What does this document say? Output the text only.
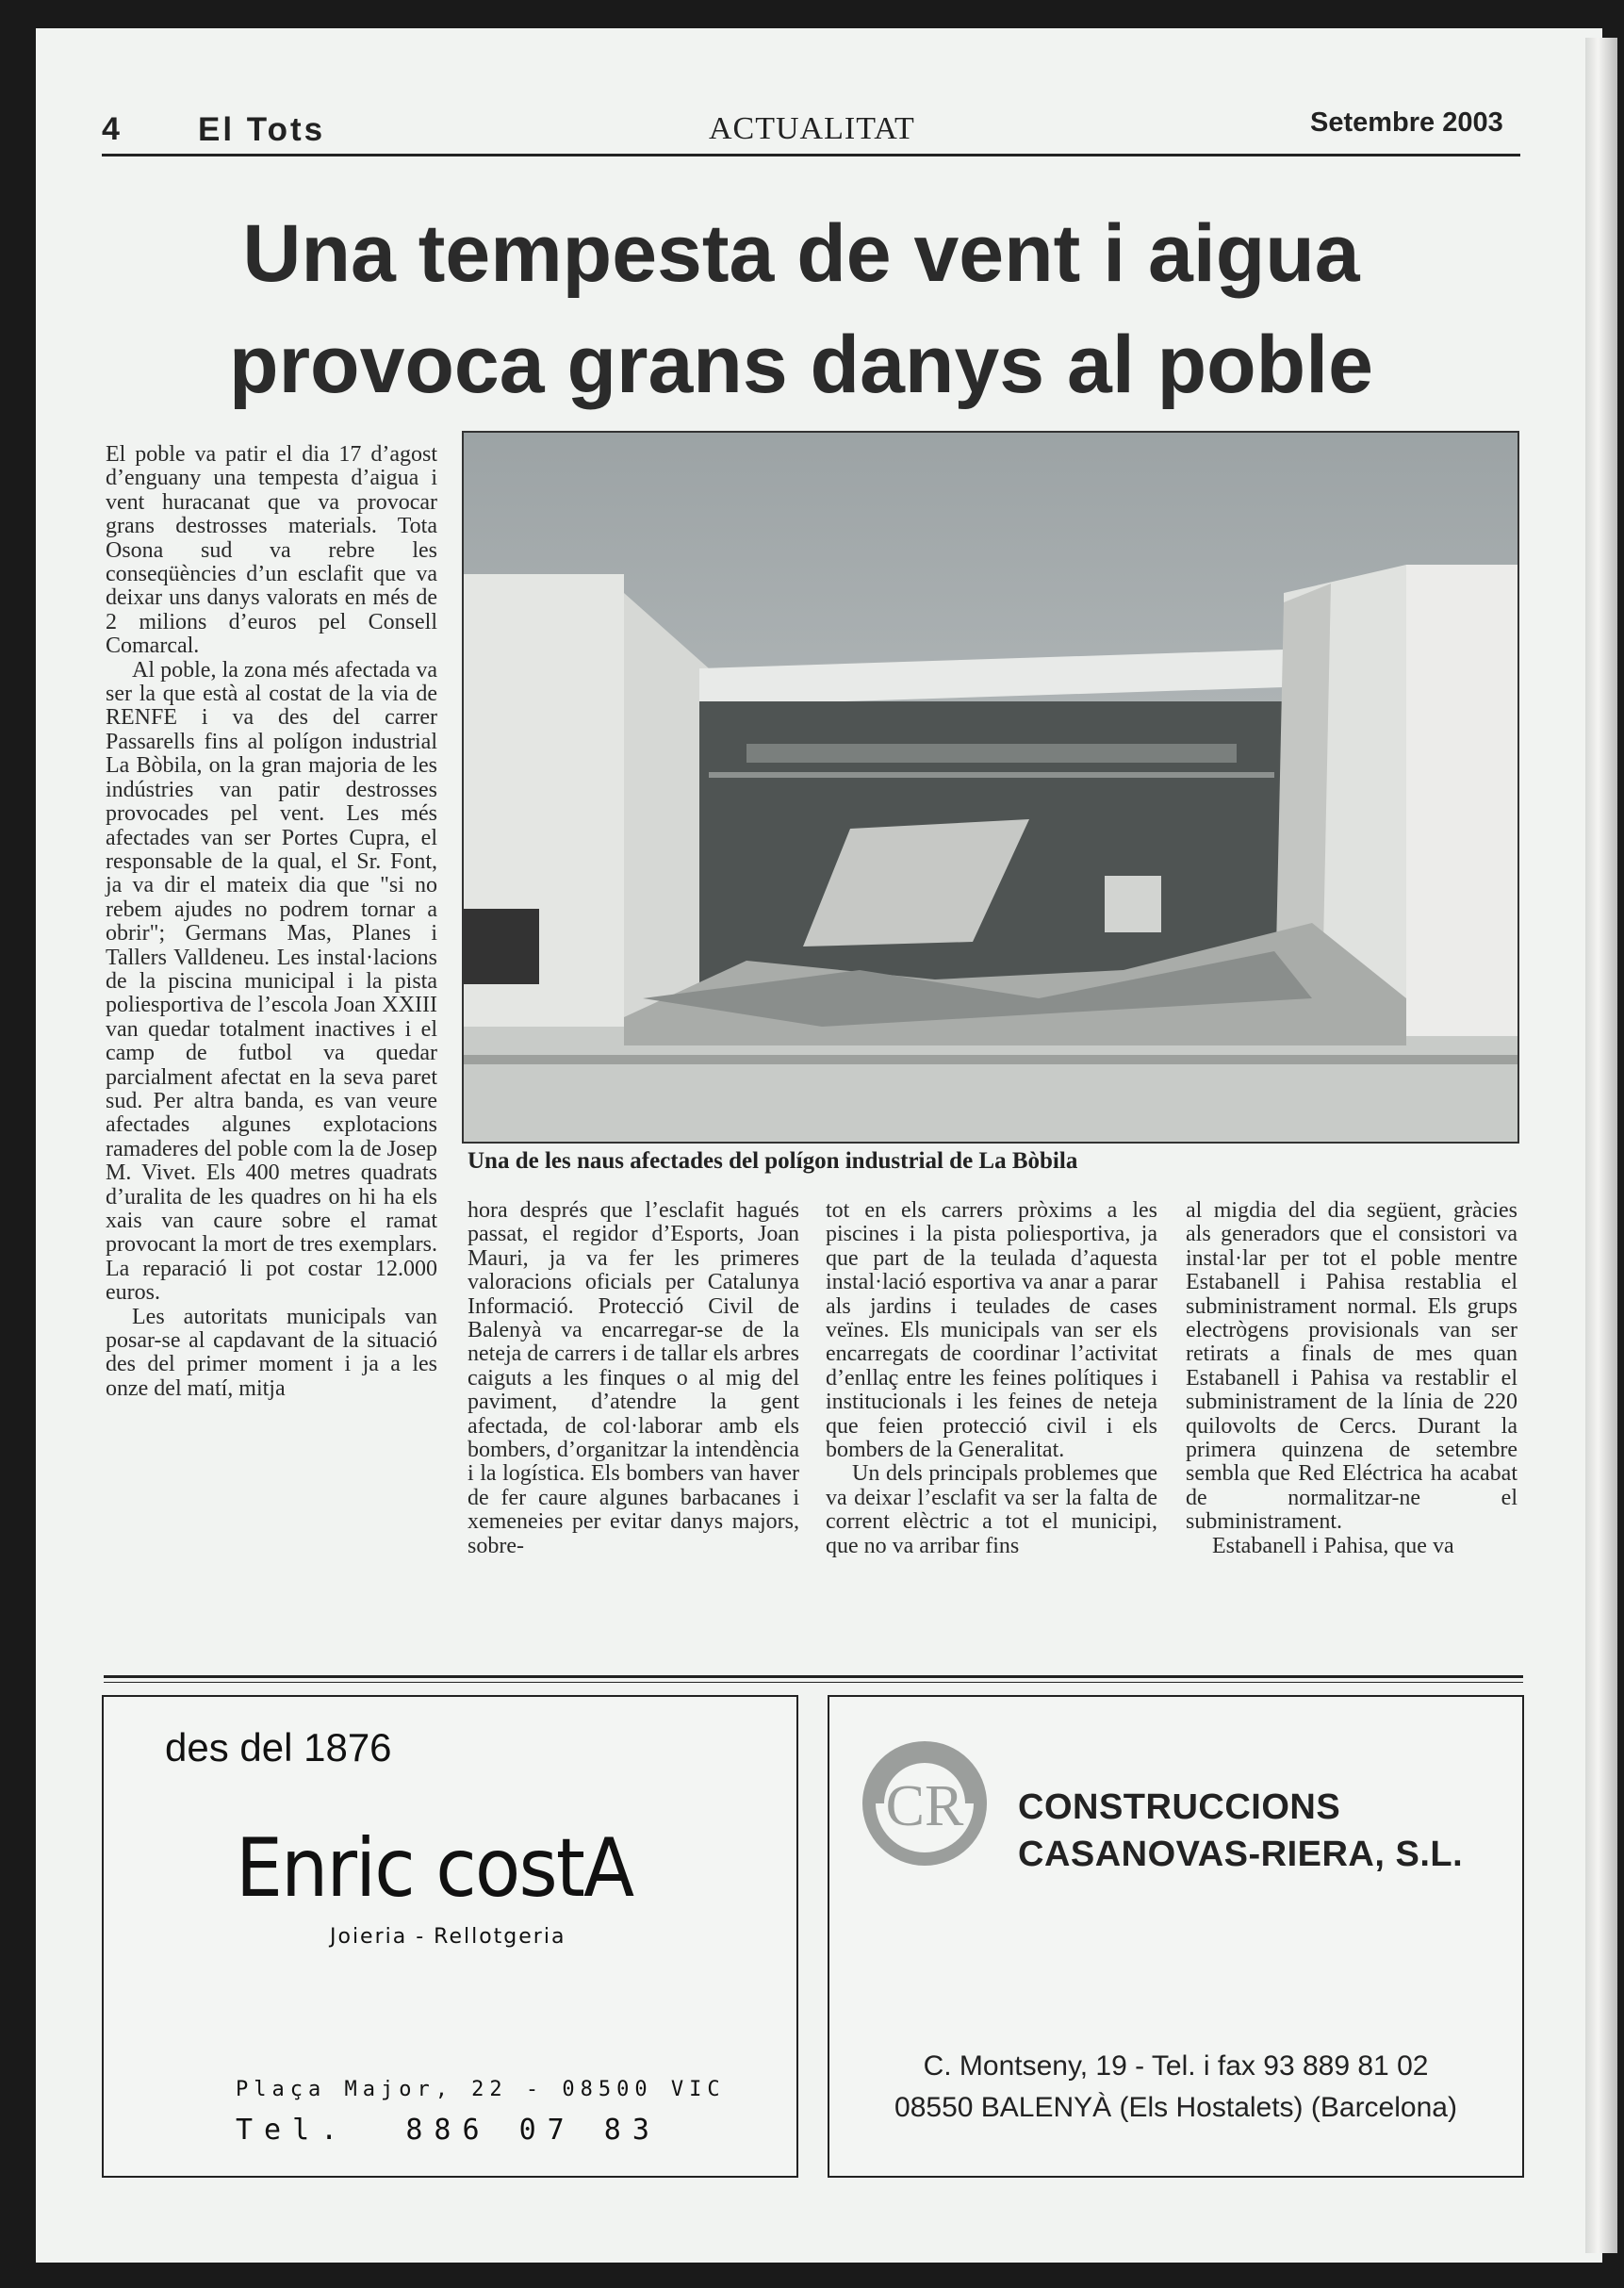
4 El Tots	ACTUALITAT	Setembre 2003
Una tempesta de vent i aigua
provoca grans danys al poble

El poble va patir el dia 17 d’agost d’enguany una tempesta d’aigua i vent huracanat que va provocar grans destrosses materials. Tota Osona sud va rebre les conseqüències d’un esclafit que va deixar uns danys valorats en més de 2 milions d’euros pel Consell Comarcal.

Al poble, la zona més afectada va ser la que està al costat de la via de RENFE i va des del carrer Passarells fins al polígon industrial La Bòbila, on la gran majoria de les indústries van patir destrosses provocades pel vent. Les més afectades van ser Portes Cupra, el responsable de la qual, el Sr. Font, ja va dir el mateix dia que "si no rebem ajudes no podrem tornar a obrir"; Germans Mas, Planes i Tallers Valldeneu. Les instal·lacions de la piscina municipal i la pista poliesportiva de l’escola Joan XXIII van quedar totalment inactives i el camp de futbol va quedar parcialment afectat en la seva paret sud. Per altra banda, es van veure afectades algunes explotacions ramaderes del poble com la de Josep M. Vivet. Els 400 metres quadrats d’uralita de les quadres on hi ha els xais van caure sobre el ramat provocant la mort de tres exemplars. La reparació li pot costar 12.000 euros.

Les autoritats municipals van posar-se al capdavant de la situació des del primer moment i ja a les onze del matí, mitja

Una de les naus afectades del polígon industrial de La Bòbila

hora després que l’esclafit hagués passat, el regidor d’Esports, Joan Mauri, ja va fer les primeres valoracions oficials per Catalunya Informació. Protecció Civil de Balenyà va encarregar-se de la neteja de carrers i de tallar els arbres caiguts a les finques o al mig del paviment, d’atendre la gent afectada, de col·laborar amb els bombers, d’organitzar la intendència i la logística. Els bombers van haver de fer caure algunes barbacanes i xemeneies per evitar danys majors, sobre-

tot en els carrers pròxims a les piscines i la pista poliesportiva, ja que part de la teulada d’aquesta instal·lació esportiva va anar a parar als jardins i teulades de cases veïnes. Els municipals van ser els encarregats de coordinar l’activitat d’enllaç entre les feines polítiques i institucionals i les feines de neteja que feien protecció civil i els bombers de la Generalitat.

Un dels principals problemes que va deixar l’esclafit va ser la falta de corrent elèctric a tot el municipi, que no va arribar fins

al migdia del dia següent, gràcies als generadors que el consistori va instal·lar per tot el poble mentre Estabanell i Pahisa restablia el subministrament normal. Els grups electrògens provisionals van ser retirats a finals de mes quan Estabanell i Pahisa va restablir el subministrament de la línia de 220 quilovolts de Cercs. Durant la primera quinzena de setembre sembla que Red Eléctrica ha acabat de normalitzar-ne el subministrament.

Estabanell i Pahisa, que va

des del 1876
Enric costA
Joieria - Rellotgeria
Plaça Major, 22 - 08500 VIC
Tel.  886 07 83
CR CONSTRUCCIONS
CASANOVAS-RIERA, S.L.
C. Montseny, 19 - Tel. i fax 93 889 81 02
08550 BALENYÀ (Els Hostalets) (Barcelona)
